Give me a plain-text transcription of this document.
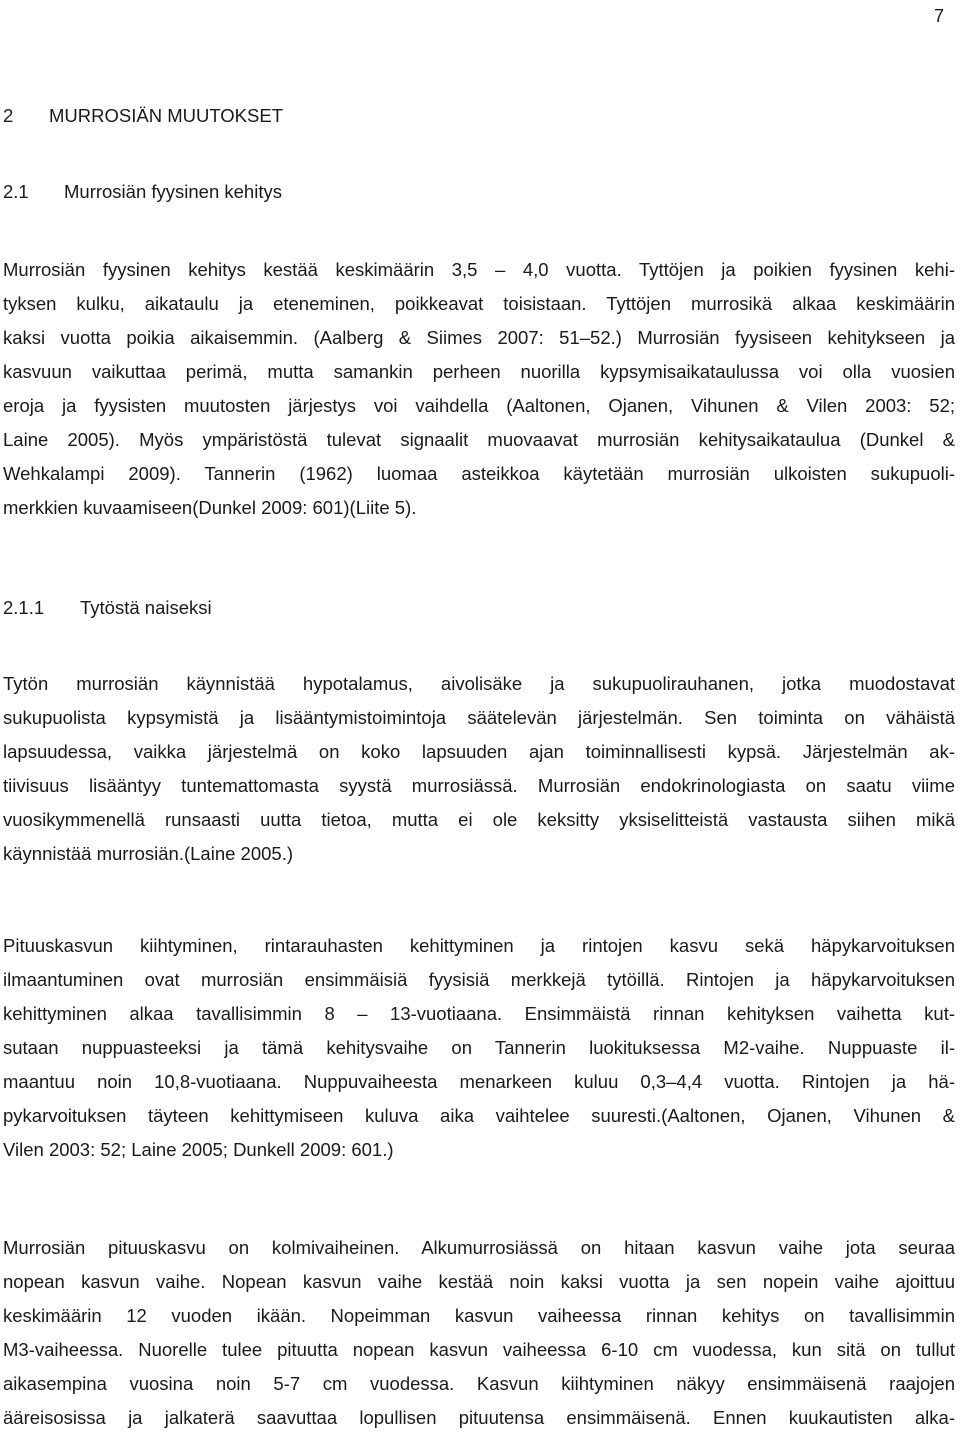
7
2 MURROSIÄN MUUTOKSET
2.1 Murrosiän fyysinen kehitys
Murrosiän fyysinen kehitys kestää keskimäärin 3,5 – 4,0 vuotta. Tyttöjen ja poikien fyysinen kehi-
tyksen kulku, aikataulu ja eteneminen, poikkeavat toisistaan. Tyttöjen murrosikä alkaa keskimäärin
kaksi vuotta poikia aikaisemmin. (Aalberg & Siimes 2007: 51–52.) Murrosiän fyysiseen kehitykseen ja
kasvuun vaikuttaa perimä, mutta samankin perheen nuorilla kypsymisaikataulussa voi olla vuosien
eroja ja fyysisten muutosten järjestys voi vaihdella (Aaltonen, Ojanen, Vihunen & Vilen 2003: 52;
Laine 2005). Myös ympäristöstä tulevat signaalit muovaavat murrosiän kehitysaikataulua (Dunkel &
Wehkalampi 2009). Tannerin (1962) luomaa asteikkoa käytetään murrosiän ulkoisten sukupuoli-
merkkien kuvaamiseen(Dunkel 2009: 601)(Liite 5).
2.1.1 Tytöstä naiseksi
Tytön murrosiän käynnistää hypotalamus, aivolisäke ja sukupuolirauhanen, jotka muodostavat
sukupuolista kypsymistä ja lisääntymistoimintoja säätelevän järjestelmän. Sen toiminta on vähäistä
lapsuudessa, vaikka järjestelmä on koko lapsuuden ajan toiminnallisesti kypsä. Järjestelmän ak-
tiivisuus lisääntyy tuntemattomasta syystä murrosiässä. Murrosiän endokrinologiasta on saatu viime
vuosikymmenellä runsaasti uutta tietoa, mutta ei ole keksitty yksiselitteistä vastausta siihen mikä
käynnistää murrosiän.(Laine 2005.)
Pituuskasvun kiihtyminen, rintarauhasten kehittyminen ja rintojen kasvu sekä häpykarvoituksen
ilmaantuminen ovat murrosiän ensimmäisiä fyysisiä merkkejä tytöillä. Rintojen ja häpykarvoituksen
kehittyminen alkaa tavallisimmin 8 – 13-vuotiaana. Ensimmäistä rinnan kehityksen vaihetta kut-
sutaan nuppuasteeksi ja tämä kehitysvaihe on Tannerin luokituksessa M2-vaihe. Nuppuaste il-
maantuu noin 10,8-vuotiaana. Nuppuvaiheesta menarkeen kuluu 0,3–4,4 vuotta. Rintojen ja hä-
pykarvoituksen täyteen kehittymiseen kuluva aika vaihtelee suuresti.(Aaltonen, Ojanen, Vihunen &
Vilen 2003: 52; Laine 2005; Dunkell 2009: 601.)
Murrosiän pituuskasvu on kolmivaiheinen. Alkumurrosiässä on hitaan kasvun vaihe jota seuraa
nopean kasvun vaihe. Nopean kasvun vaihe kestää noin kaksi vuotta ja sen nopein vaihe ajoittuu
keskimäärin 12 vuoden ikään. Nopeimman kasvun vaiheessa rinnan kehitys on tavallisimmin
M3-vaiheessa. Nuorelle tulee pituutta nopean kasvun vaiheessa 6-10 cm vuodessa, kun sitä on tullut
aikasempina vuosina noin 5-7 cm vuodessa. Kasvun kiihtyminen näkyy ensimmäisenä raajojen
ääreisosissa ja jalkaterä saavuttaa lopullisen pituutensa ensimmäisenä. Ennen kuukautisten alka-
